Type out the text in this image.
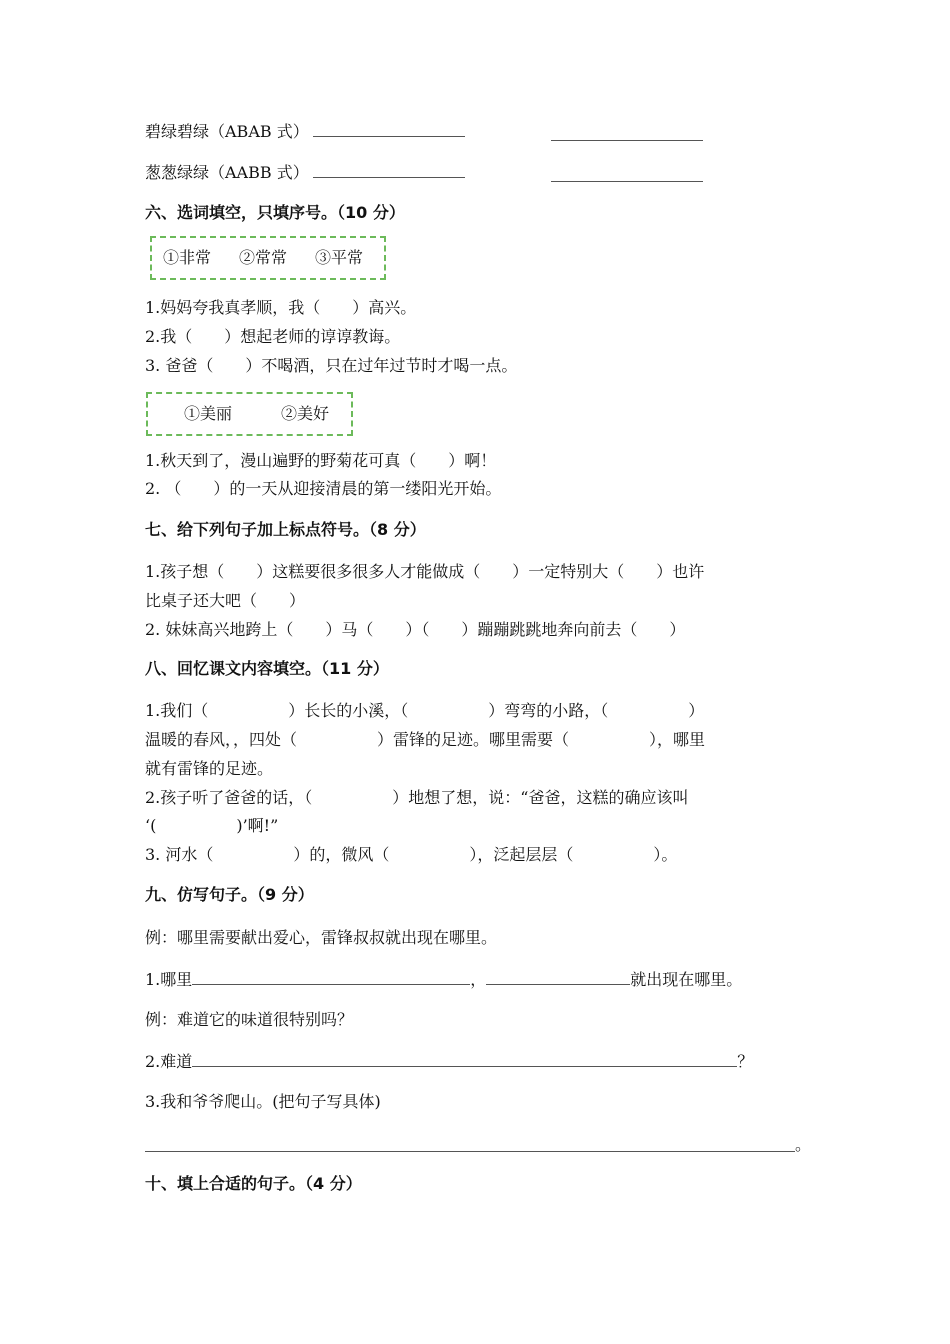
碧绿碧绿（ABAB 式）
葱葱绿绿（AABB 式）
六、选词填空，只填序号。（10 分）
①非常 ②常常 ③平常
1.妈妈夸我真孝顺，我（　　）高兴。
2.我（　　）想起老师的谆谆教诲。
3. 爸爸（　　）不喝酒，只在过年过节时才喝一点。
①美丽	②美好
1.秋天到了，漫山遍野的野菊花可真（　　）啊！
2. （　　）的一天从迎接清晨的第一缕阳光开始。
七、给下列句子加上标点符号。（8 分）
1.孩子想（　　）这糕要很多很多人才能做成（　　）一定特别大（　　）也许
比桌子还大吧（　　）
2. 妹妹高兴地跨上（　　）马（　　）（　　）蹦蹦跳跳地奔向前去（　　）
八、回忆课文内容填空。（11 分）
1.我们（　　　　　）长长的小溪，（　　　　　）弯弯的小路，（　　　　　）
温暖的春风，，四处（　　　　　）雷锋的足迹。哪里需要（　　　　　），哪里
就有雷锋的足迹。
2.孩子听了爸爸的话，（　　　　　）地想了想，说：“爸爸，这糕的确应该叫
‘(　　　　　)’啊!”
3. 河水（　　　　　）的，微风（　　　　　），泛起层层（　　　　　）。
九、仿写句子。（9 分）
例：哪里需要献出爱心，雷锋叔叔就出现在哪里。
1.哪里	，	就出现在哪里。
例：难道它的味道很特别吗？
2.难道	？
3.我和爷爷爬山。(把句子写具体)
。
十、填上合适的句子。（4 分）
